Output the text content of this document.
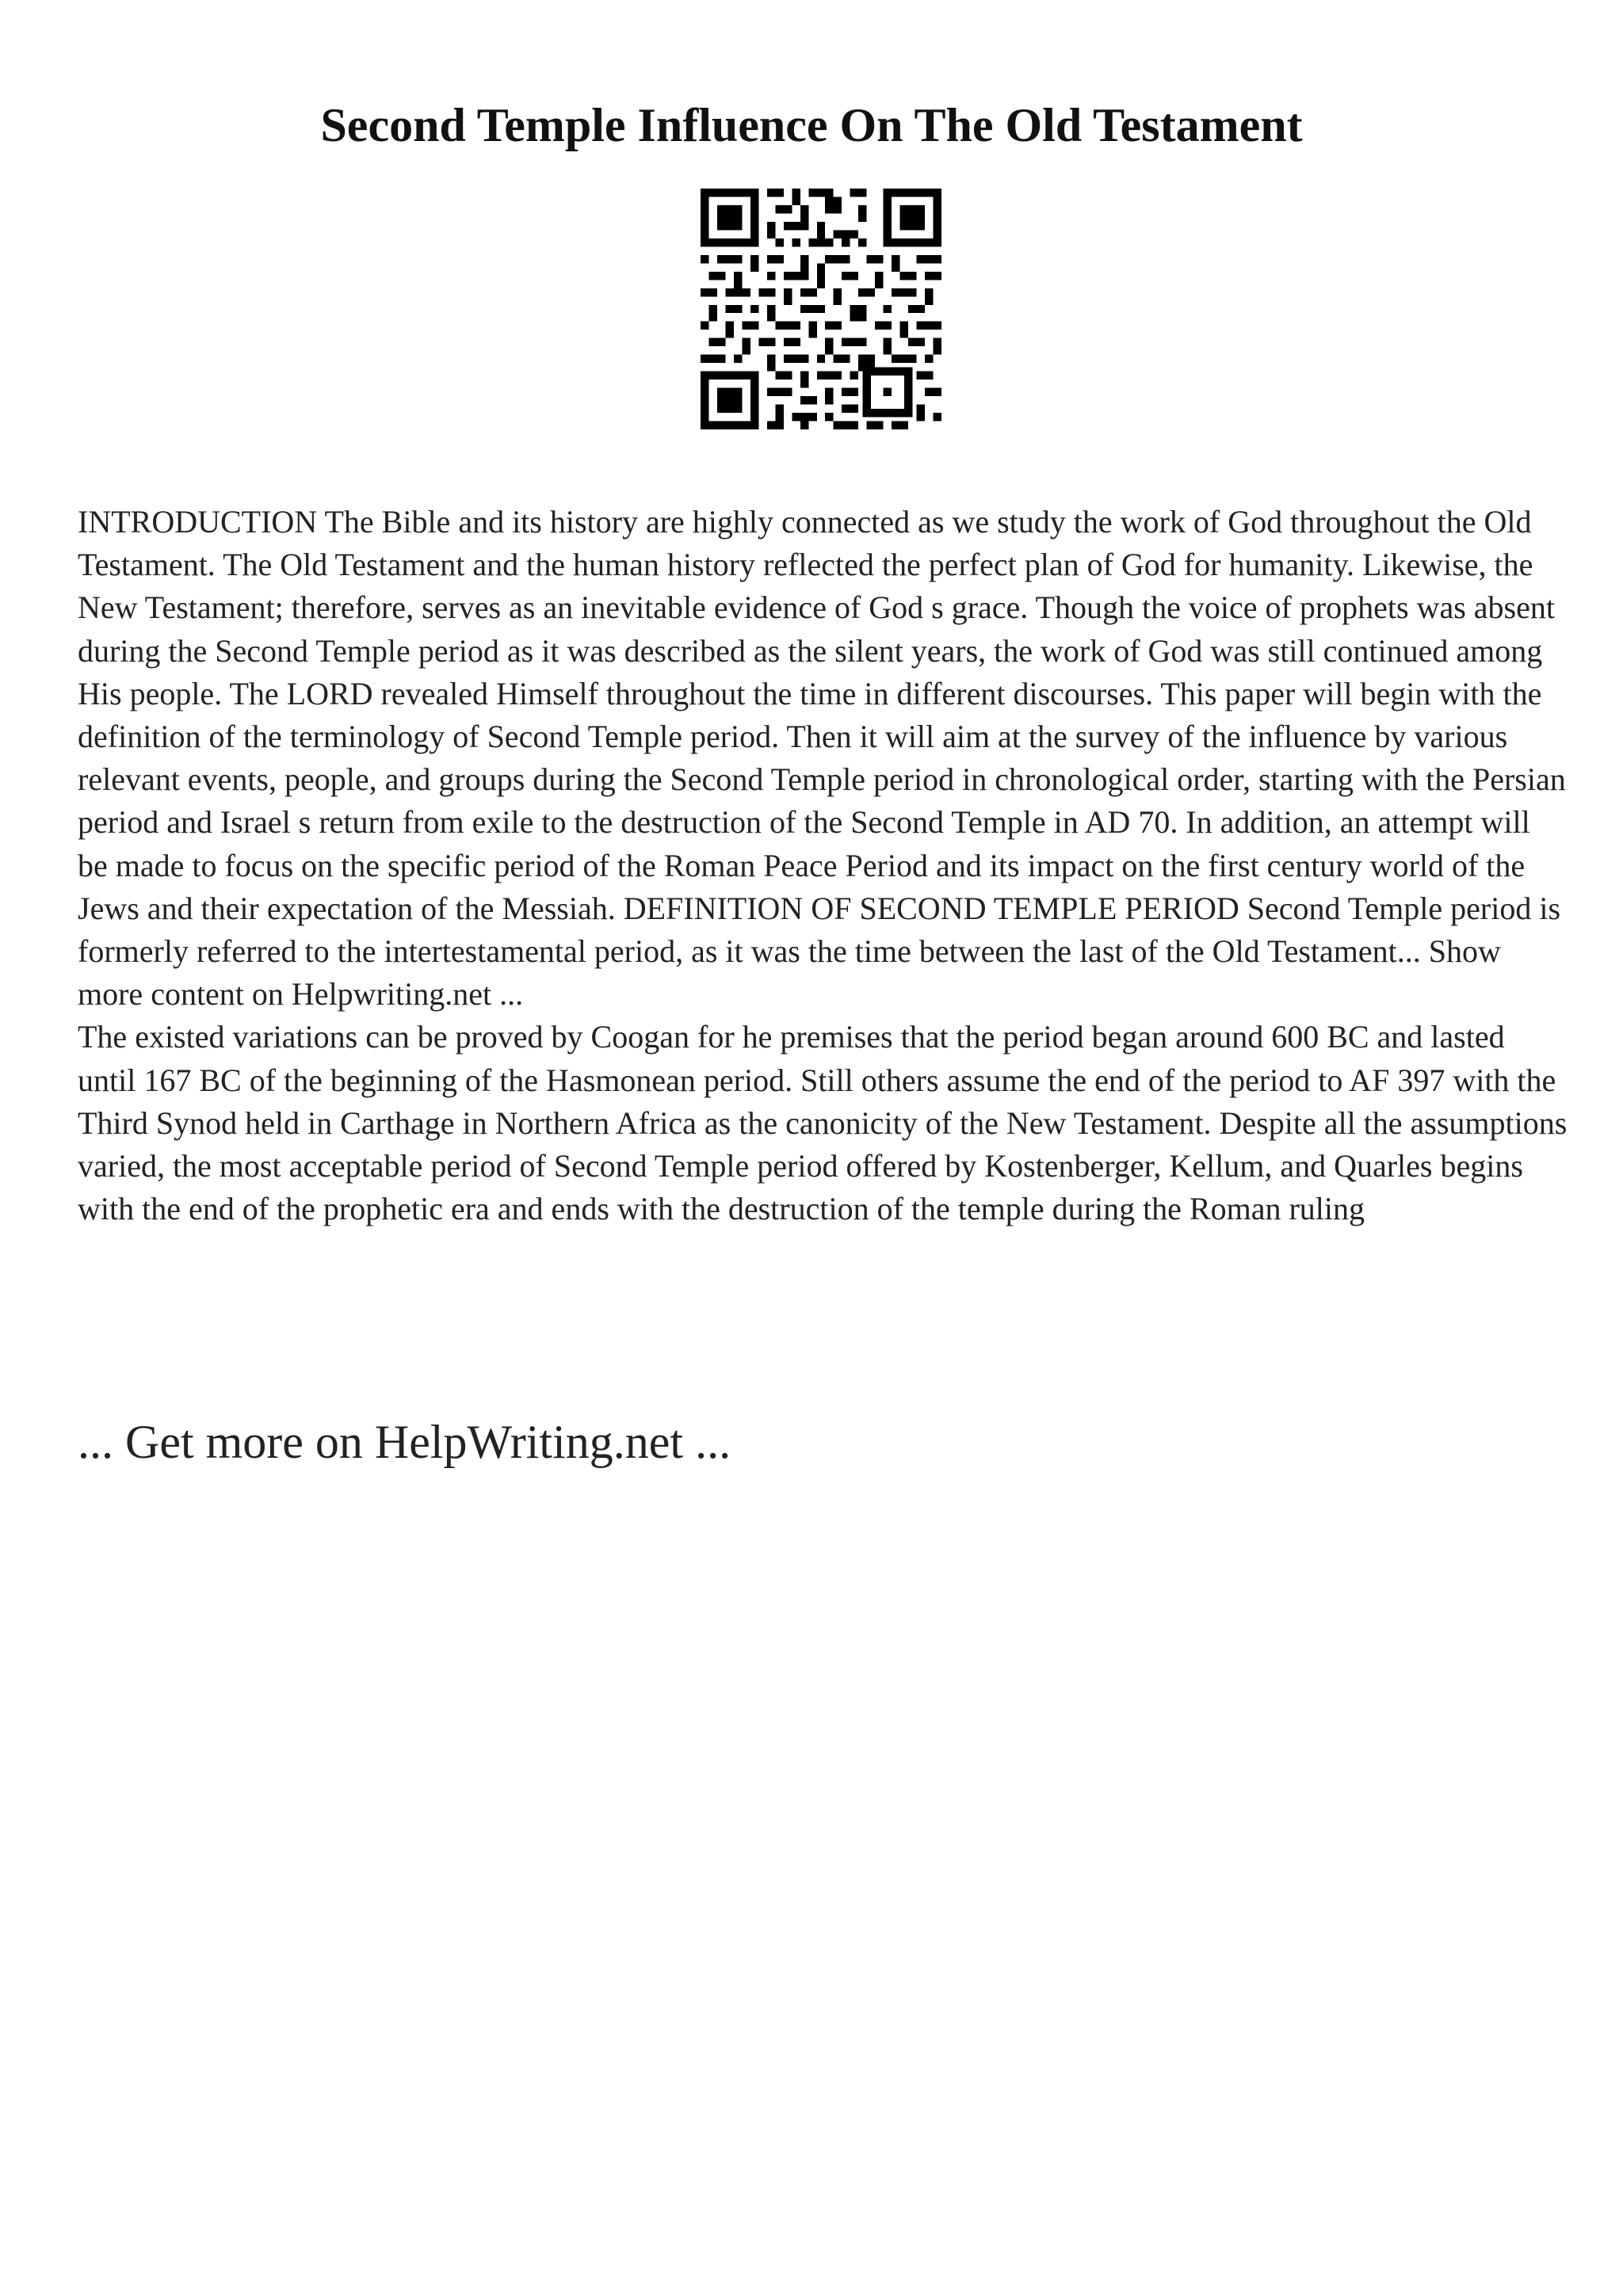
Second Temple Influence On The Old Testament

INTRODUCTION The Bible and its history are highly connected as we study the work of God throughout the Old Testament. The Old Testament and the human history reflected the perfect plan of God for humanity. Likewise, the New Testament; therefore, serves as an inevitable evidence of God s grace. Though the voice of prophets was absent during the Second Temple period as it was described as the silent years, the work of God was still continued among His people. The LORD revealed Himself throughout the time in different discourses. This paper will begin with the definition of the terminology of Second Temple period. Then it will aim at the survey of the influence by various relevant events, people, and groups during the Second Temple period in chronological order, starting with the Persian period and Israel s return from exile to the destruction of the Second Temple in AD 70. In addition, an attempt will be made to focus on the specific period of the Roman Peace Period and its impact on the first century world of the Jews and their expectation of the Messiah. DEFINITION OF SECOND TEMPLE PERIOD Second Temple period is formerly referred to the intertestamental period, as it was the time between the last of the Old Testament... Show more content on Helpwriting.net ...

The existed variations can be proved by Coogan for he premises that the period began around 600 BC and lasted until 167 BC of the beginning of the Hasmonean period. Still others assume the end of the period to AF 397 with the Third Synod held in Carthage in Northern Africa as the canonicity of the New Testament. Despite all the assumptions varied, the most acceptable period of Second Temple period offered by Kostenberger, Kellum, and Quarles begins with the end of the prophetic era and ends with the destruction of the temple during the Roman ruling

... Get more on HelpWriting.net ...
